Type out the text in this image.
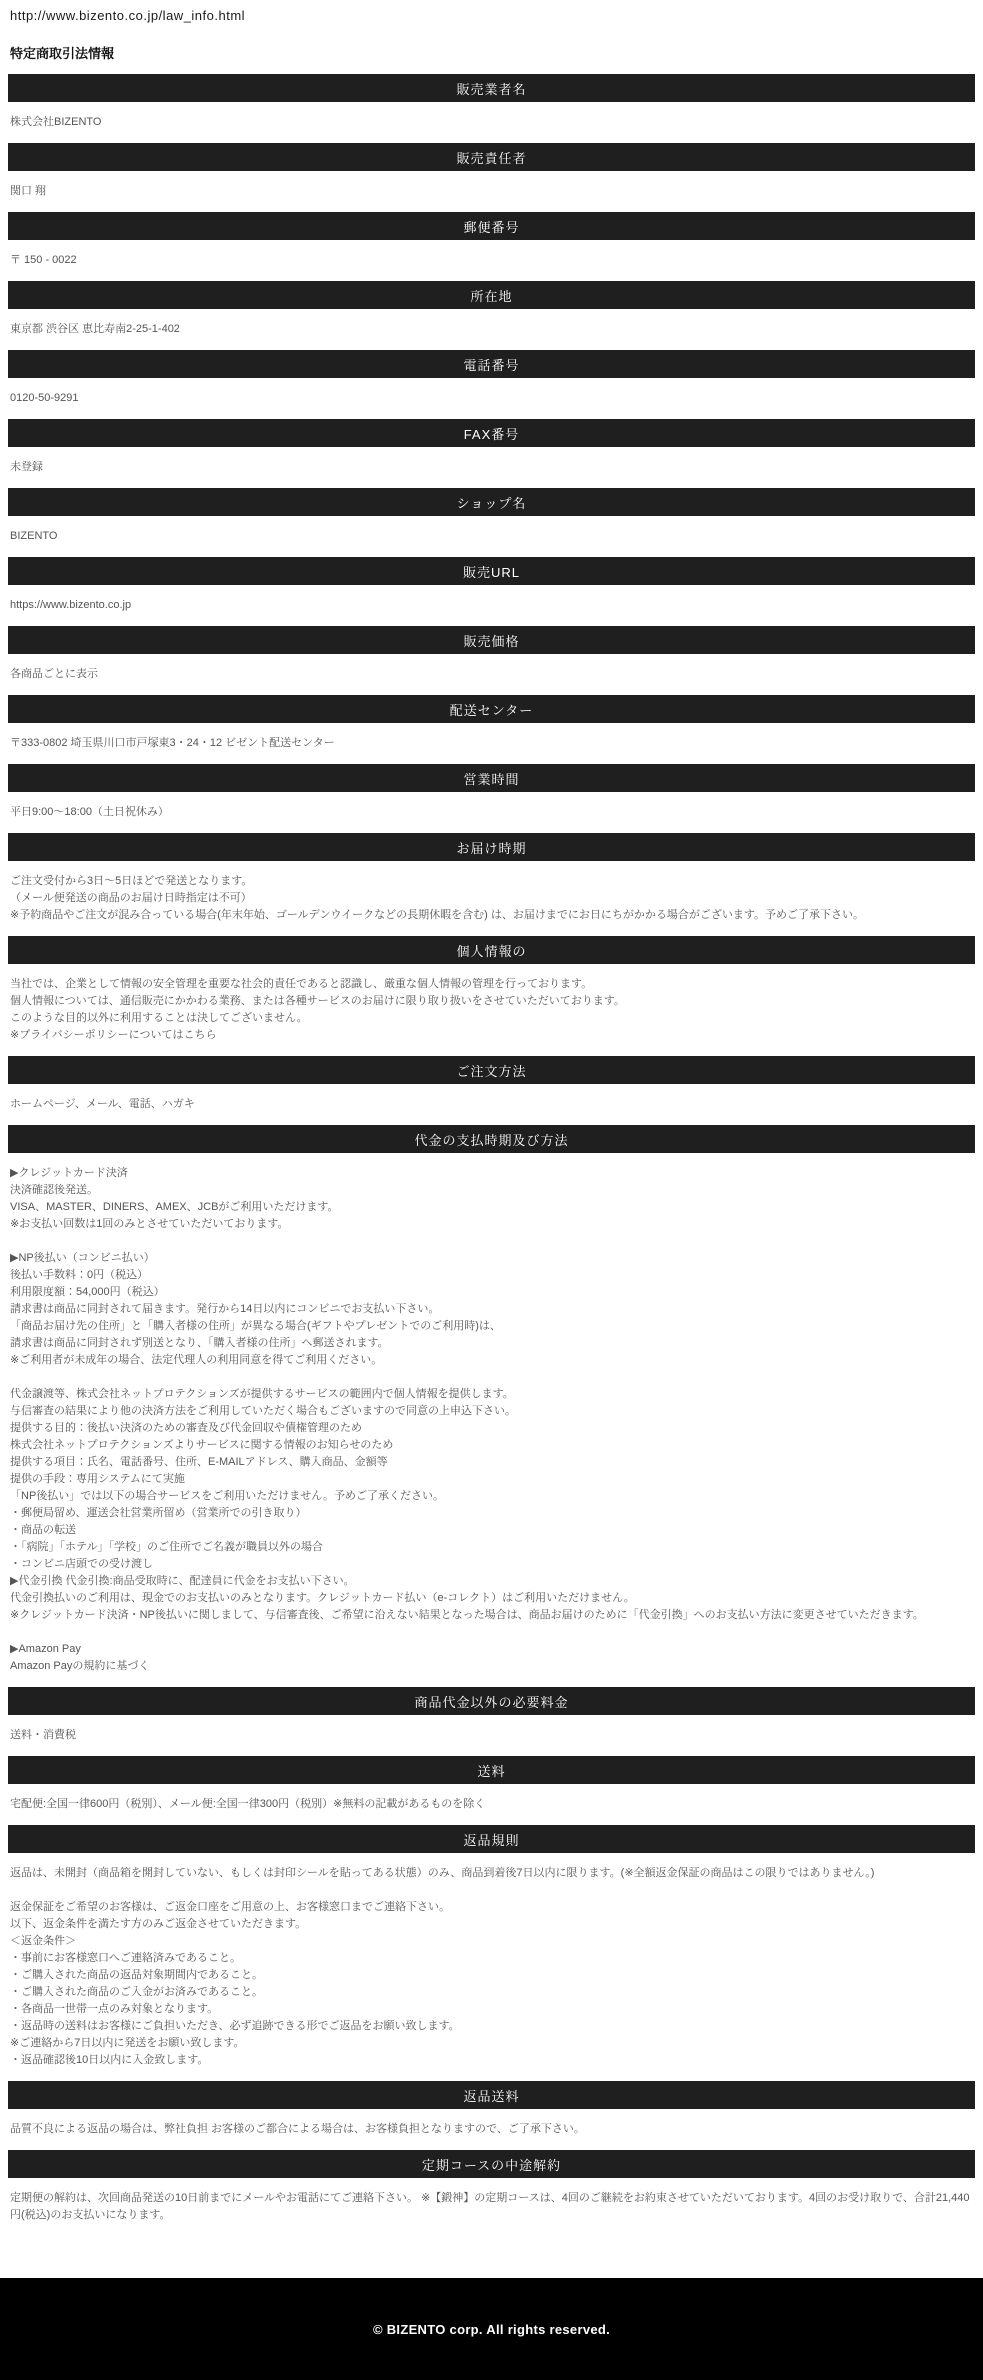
http://www.bizento.co.jp/law_info.html
特定商取引法情報
販売業者名
株式会社BIZENTO
販売責任者
関口 翔
郵便番号
〒 150 - 0022
所在地
東京都 渋谷区 恵比寿南2-25-1-402
電話番号
0120-50-9291
FAX番号
未登録
ショップ名
BIZENTO
販売URL
https://www.bizento.co.jp
販売価格
各商品ごとに表示
配送センター
〒333-0802 埼玉県川口市戸塚東3・24・12 ビゼント配送センター
営業時間
平日9:00～18:00（土日祝休み）
お届け時期
ご注文受付から3日～5日ほどで発送となります。
（メール便発送の商品のお届け日時指定は不可）
※予約商品やご注文が混み合っている場合(年末年始、ゴールデンウイークなどの長期休暇を含む) は、お届けまでにお日にちがかかる場合がございます。予めご了承下さい。
個人情報の
当社では、企業として情報の安全管理を重要な社会的責任であると認識し、厳重な個人情報の管理を行っております。
個人情報については、通信販売にかかわる業務、または各種サービスのお届けに限り取り扱いをさせていただいております。
このような目的以外に利用することは決してございません。
※プライバシーポリシーについてはこちら
ご注文方法
ホームページ、メール、電話、ハガキ
代金の支払時期及び方法
▶クレジットカード決済
決済確認後発送。
VISA、MASTER、DINERS、AMEX、JCBがご利用いただけます。
※お支払い回数は1回のみとさせていただいております。
▶NP後払い（コンビニ払い）
後払い手数料：0円（税込）
利用限度額：54,000円（税込）
請求書は商品に同封されて届きます。発行から14日以内にコンビニでお支払い下さい。
「商品お届け先の住所」と「購入者様の住所」が異なる場合(ギフトやプレゼントでのご利用時)は、
請求書は商品に同封されず別送となり、「購入者様の住所」へ郵送されます。
※ご利用者が未成年の場合、法定代理人の利用同意を得てご利用ください。
代金譲渡等、株式会社ネットプロテクションズが提供するサービスの範囲内で個人情報を提供します。
与信審査の結果により他の決済方法をご利用していただく場合もございますので同意の上申込下さい。
提供する目的：後払い決済のための審査及び代金回収や債権管理のため
株式会社ネットプロテクションズよりサービスに関する情報のお知らせのため
提供する項目：氏名、電話番号、住所、E-MAILアドレス、購入商品、金額等
提供の手段：専用システムにて実施
「NP後払い」では以下の場合サービスをご利用いただけません。予めご了承ください。
・郵便局留め、運送会社営業所留め（営業所での引き取り）
・商品の転送
・「病院」「ホテル」「学校」のご住所でご名義が職員以外の場合
・コンビニ店頭での受け渡し
▶代金引換 代金引換:商品受取時に、配達員に代金をお支払い下さい。
代金引換払いのご利用は、現金でのお支払いのみとなります。クレジットカード払い（e-コレクト）はご利用いただけません。
※クレジットカード決済・NP後払いに関しまして、与信審査後、ご希望に沿えない結果となった場合は、商品お届けのために「代金引換」へのお支払い方法に変更させていただきます。
▶Amazon Pay
Amazon Payの規約に基づく
商品代金以外の必要料金
送料・消費税
送料
宅配便:全国一律600円（税別）、メール便:全国一律300円（税別）※無料の記載があるものを除く
返品規則
返品は、未開封（商品箱を開封していない、もしくは封印シールを貼ってある状態）のみ、商品到着後7日以内に限ります。(※全額返金保証の商品はこの限りではありません。)
返金保証をご希望のお客様は、ご返金口座をご用意の上、お客様窓口までご連絡下さい。
以下、返金条件を満たす方のみご返金させていただきます。
＜返金条件＞
・事前にお客様窓口へご連絡済みであること。
・ご購入された商品の返品対象期間内であること。
・ご購入された商品のご入金がお済みであること。
・各商品一世帯一点のみ対象となります。
・返品時の送料はお客様にご負担いただき、必ず追跡できる形でご返品をお願い致します。
※ご連絡から7日以内に発送をお願い致します。
・返品確認後10日以内に入金致します。
返品送料
品質不良による返品の場合は、弊社負担 お客様のご都合による場合は、お客様負担となりますので、ご了承下さい。
定期コースの中途解約
定期便の解約は、次回商品発送の10日前までにメールやお電話にてご連絡下さい。 ※【鍛神】の定期コースは、4回のご継続をお約束させていただいております。4回のお受け取りで、合計21,440円(税込)のお支払いになります。
© BIZENTO corp. All rights reserved.
